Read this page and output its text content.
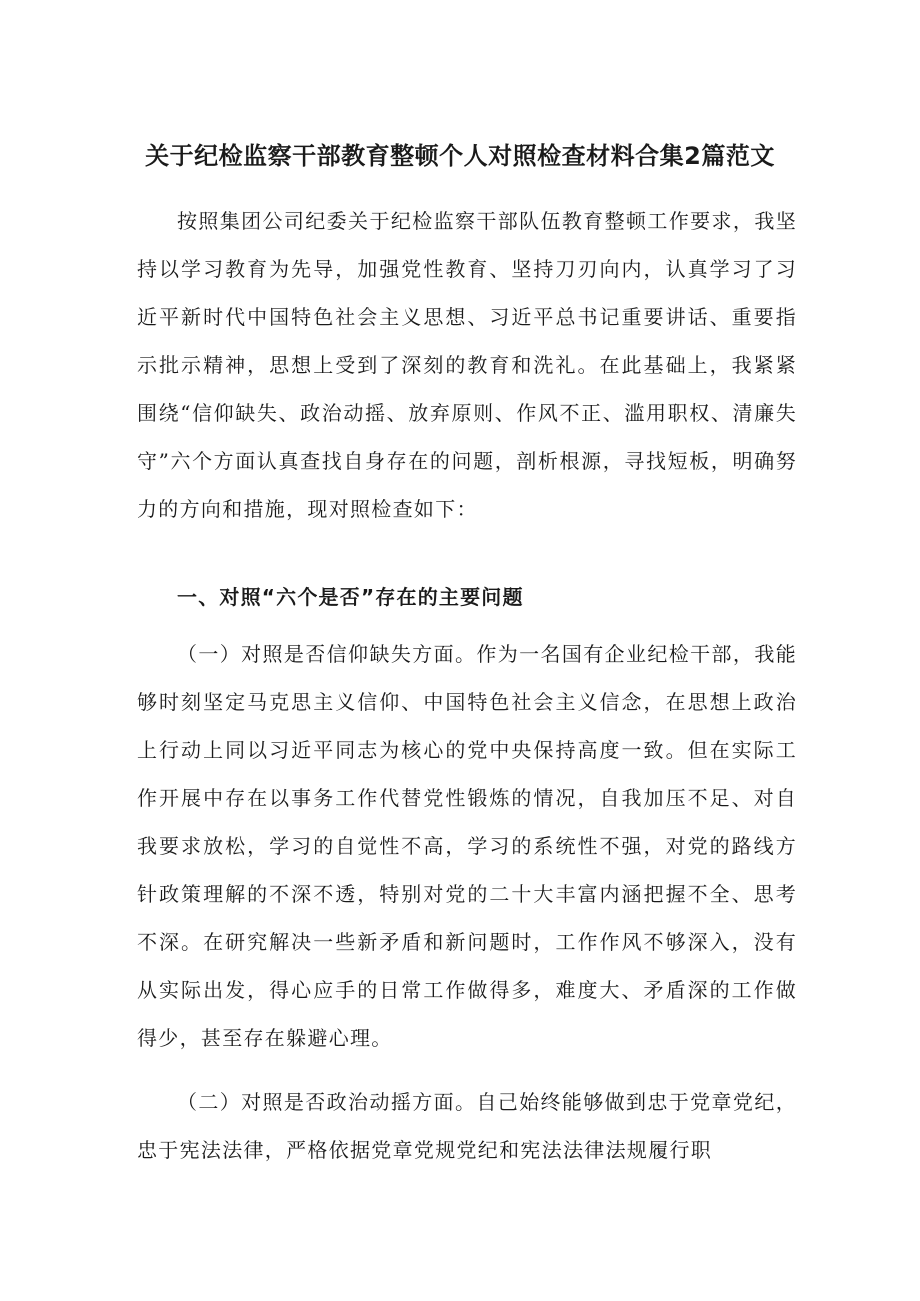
关于纪检监察干部教育整顿个人对照检查材料合集2篇范文

按照集团公司纪委关于纪检监察干部队伍教育整顿工作要求，我坚持以学习教育为先导，加强党性教育、坚持刀刃向内，认真学习了习近平新时代中国特色社会主义思想、习近平总书记重要讲话、重要指示批示精神，思想上受到了深刻的教育和洗礼。在此基础上，我紧紧围绕“信仰缺失、政治动摇、放弃原则、作风不正、滥用职权、清廉失守”六个方面认真查找自身存在的问题，剖析根源，寻找短板，明确努力的方向和措施，现对照检查如下：

一、对照“六个是否”存在的主要问题

（一）对照是否信仰缺失方面。作为一名国有企业纪检干部，我能够时刻坚定马克思主义信仰、中国特色社会主义信念，在思想上政治上行动上同以习近平同志为核心的党中央保持高度一致。但在实际工作开展中存在以事务工作代替党性锻炼的情况，自我加压不足、对自我要求放松，学习的自觉性不高，学习的系统性不强，对党的路线方针政策理解的不深不透，特别对党的二十大丰富内涵把握不全、思考不深。在研究解决一些新矛盾和新问题时，工作作风不够深入，没有从实际出发，得心应手的日常工作做得多，难度大、矛盾深的工作做得少，甚至存在躲避心理。

（二）对照是否政治动摇方面。自己始终能够做到忠于党章党纪，忠于宪法法律，严格依据党章党规党纪和宪法法律法规履行职
